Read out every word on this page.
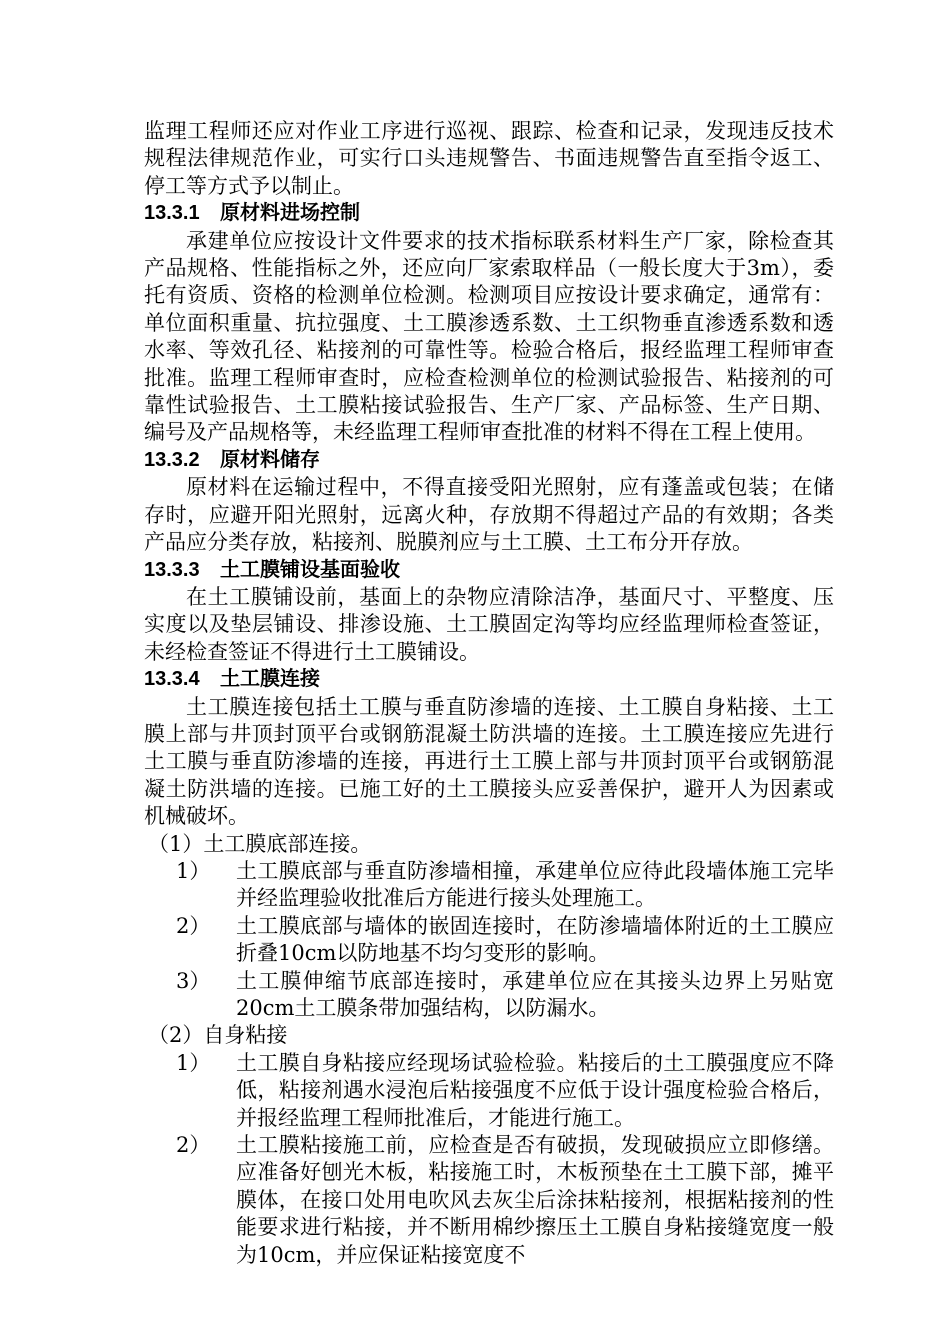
监理工程师还应对作业工序进行巡视、跟踪、检查和记录，发现违反技术规程法律规范作业，可实行口头违规警告、书面违规警告直至指令返工、停工等方式予以制止。

13.3.1 原材料进场控制

承建单位应按设计文件要求的技术指标联系材料生产厂家，除检查其产品规格、性能指标之外，还应向厂家索取样品（一般长度大于3m），委托有资质、资格的检测单位检测。检测项目应按设计要求确定，通常有：单位面积重量、抗拉强度、土工膜渗透系数、土工织物垂直渗透系数和透水率、等效孔径、粘接剂的可靠性等。检验合格后，报经监理工程师审查批准。监理工程师审查时，应检查检测单位的检测试验报告、粘接剂的可靠性试验报告、土工膜粘接试验报告、生产厂家、产品标签、生产日期、编号及产品规格等，未经监理工程师审查批准的材料不得在工程上使用。

13.3.2 原材料储存

原材料在运输过程中，不得直接受阳光照射，应有蓬盖或包装；在储存时，应避开阳光照射，远离火种，存放期不得超过产品的有效期；各类产品应分类存放，粘接剂、脱膜剂应与土工膜、土工布分开存放。

13.3.3 土工膜铺设基面验收

在土工膜铺设前，基面上的杂物应清除洁净，基面尺寸、平整度、压实度以及垫层铺设、排渗设施、土工膜固定沟等均应经监理师检查签证，未经检查签证不得进行土工膜铺设。

13.3.4 土工膜连接

土工膜连接包括土工膜与垂直防渗墙的连接、土工膜自身粘接、土工膜上部与井顶封顶平台或钢筋混凝土防洪墙的连接。土工膜连接应先进行土工膜与垂直防渗墙的连接，再进行土工膜上部与井顶封顶平台或钢筋混凝土防洪墙的连接。已施工好的土工膜接头应妥善保护，避开人为因素或机械破坏。

（1）土工膜底部连接。

1） 土工膜底部与垂直防渗墙相撞，承建单位应待此段墙体施工完毕并经监理验收批准后方能进行接头处理施工。
2） 土工膜底部与墙体的嵌固连接时，在防渗墙墙体附近的土工膜应折叠10cm以防地基不均匀变形的影响。
3） 土工膜伸缩节底部连接时，承建单位应在其接头边界上另贴宽20cm土工膜条带加强结构，以防漏水。

（2）自身粘接

1） 土工膜自身粘接应经现场试验检验。粘接后的土工膜强度应不降低，粘接剂遇水浸泡后粘接强度不应低于设计强度检验合格后，并报经监理工程师批准后，才能进行施工。
2） 土工膜粘接施工前，应检查是否有破损，发现破损应立即修缮。应准备好刨光木板，粘接施工时，木板预垫在土工膜下部，摊平膜体，在接口处用电吹风去灰尘后涂抹粘接剂，根据粘接剂的性能要求进行粘接，并不断用棉纱擦压土工膜自身粘接缝宽度一般为10cm，并应保证粘接宽度不
